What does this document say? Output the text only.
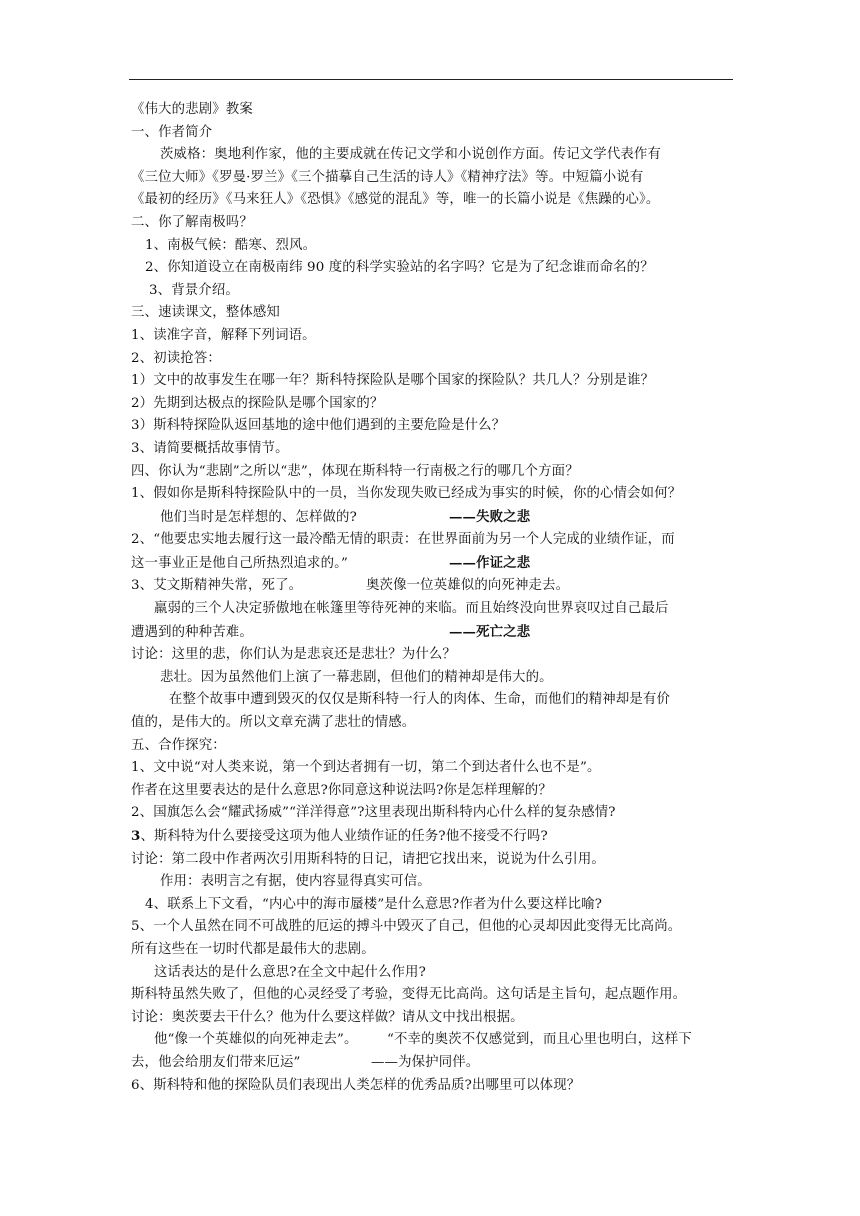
《伟大的悲剧》教案
一、作者简介
茨威格：奥地利作家，他的主要成就在传记文学和小说创作方面。传记文学代表作有
《三位大师》《罗曼·罗兰》《三个描摹自己生活的诗人》《精神疗法》等。中短篇小说有
《最初的经历》《马来狂人》《恐惧》《感觉的混乱》等，唯一的长篇小说是《焦躁的心》。
二、你了解南极吗？
1、南极气候：酷寒、烈风。
2、你知道设立在南极南纬 90 度的科学实验站的名字吗？它是为了纪念谁而命名的？
3、背景介绍。
三、速读课文，整体感知
1、读准字音，解释下列词语。
2、初读抢答：
1）文中的故事发生在哪一年？斯科特探险队是哪个国家的探险队？共几人？分别是谁？
2）先期到达极点的探险队是哪个国家的？
3）斯科特探险队返回基地的途中他们遇到的主要危险是什么？
3、请简要概括故事情节。
四、你认为“悲剧”之所以“悲”，体现在斯科特一行南极之行的哪几个方面？
1、假如你是斯科特探险队中的一员，当你发现失败已经成为事实的时候，你的心情会如何？
他们当时是怎样想的、怎样做的?	——失败之悲
2、“他要忠实地去履行这一最冷酷无情的职责：在世界面前为另一个人完成的业绩作证，而
这一事业正是他自己所热烈追求的。”	——作证之悲
3、艾文斯精神失常，死了。	奥茨像一位英雄似的向死神走去。
羸弱的三个人决定骄傲地在帐篷里等待死神的来临。而且始终没向世界哀叹过自己最后
遭遇到的种种苦难。	——死亡之悲
讨论：这里的悲，你们认为是悲哀还是悲壮？为什么？
悲壮。因为虽然他们上演了一幕悲剧，但他们的精神却是伟大的。
在整个故事中遭到毁灭的仅仅是斯科特一行人的肉体、生命，而他们的精神却是有价
值的，是伟大的。所以文章充满了悲壮的情感。
五、合作探究：
1、文中说“对人类来说，第一个到达者拥有一切，第二个到达者什么也不是”。
作者在这里要表达的是什么意思?你同意这种说法吗?你是怎样理解的？
2、国旗怎么会“耀武扬威”“洋洋得意”?这里表现出斯科特内心什么样的复杂感情?
3、斯科特为什么要接受这项为他人业绩作证的任务?他不接受不行吗?
讨论：第二段中作者两次引用斯科特的日记，请把它找出来，说说为什么引用。
作用：表明言之有据，使内容显得真实可信。
4、联系上下文看，“内心中的海市蜃楼”是什么意思?作者为什么要这样比喻?
5、一个人虽然在同不可战胜的厄运的搏斗中毁灭了自己，但他的心灵却因此变得无比高尚。
所有这些在一切时代都是最伟大的悲剧。
这话表达的是什么意思?在全文中起什么作用?
斯科特虽然失败了，但他的心灵经受了考验，变得无比高尚。这句话是主旨句，起点题作用。
讨论：奥茨要去干什么？他为什么要这样做？请从文中找出根据。
他“像一个英雄似的向死神走去”。 “不幸的奥茨不仅感觉到，而且心里也明白，这样下
去，他会给朋友们带来厄运”	——为保护同伴。
6、斯科特和他的探险队员们表现出人类怎样的优秀品质?出哪里可以体现？
